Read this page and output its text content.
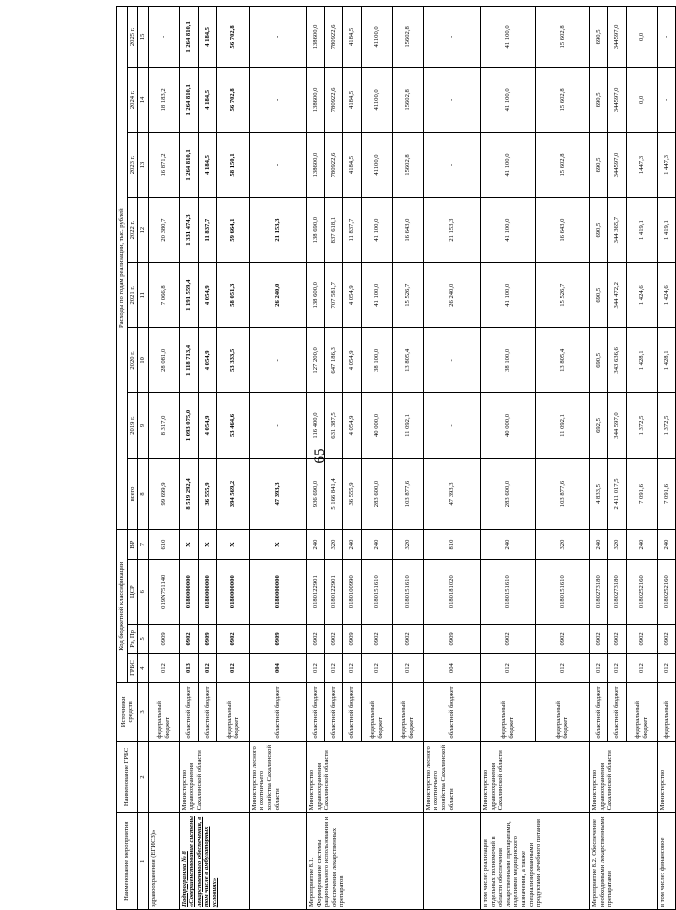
65
Наименование мероприятия	Наименование ГРБС	Источники средств	Код бюджетной классификации				Расходы по годам реализации, тыс. рублей							
			ГРБС	Рз, Пр	ЦСР	ВР	всего	2019 г.	2020 г.	2021 г.	2022 г.	2023 г.	2024 г.	2025 г.
1	2	3	4	5	6	7	8	9	10	11	12	13	14	15
здравоохранения (ЕГИСЗ)»		федеральный бюджет	012	0909	019N751140	610	99 699,9	8 317,0	28 081,0	7 066,8	20 380,7	16 871,2	18 183,2	-
Подпрограмма № 8 «Совершенствование системы лекарственного обеспечения, в том числе в амбулаторных условиях»	Министерство здравоохранения Сахалинской области	областной бюджет	013	0902	0180000000	Х	8 519 292,4	1 093 075,0	1 118 713,4	1 191 559,4	1 331 474,3	1 264 810,1	1 264 810,1	1 264 810,1
		областной бюджет	012	0909	0180000000	Х	36 555,9	4 054,9	4 054,9	4 054,9	11 837,7	4 184,5	4 184,5	4 184,5
		федеральный бюджет	012	0902	0180000000	Х	394 569,2	53 464,6	53 333,5	58 051,3	59 664,1	58 150,1	56 702,8	56 702,8
	Министерство лесного и охотничьего хозяйства Сахалинской области	областной бюджет	004	0909	0180000000	Х	47 393,3	-	-	26 240,0	21 153,3	-	-	-
Мероприятие 8.1. Формирование системы рационального использования и обеспечения лекарственных препаратов	Министерство здравоохранения Сахалинской области	областной бюджет	012	0902	0180122901	240	936 690,0	116 400,0	127 200,0	138 600,0	138 690,0	138600,0	138600,0	138600,0
		областной бюджет	012	0902	0180122901	320	5 166 841,4	631 387,5	647 186,3	707 581,7	837 618,1	780922,6	780922,6	780922,6
		областной бюджет	012	0909	0180100990	240	36 555,9	4 054,9	4 054,9	4 054,9	11 837,7	4184,5	4184,5	4184,5
		федеральный бюджет	012	0902	0180151610	240	283 600,0	40 000,0	38 100,0	41 100,0	41 100,0	41100,0	41100,0	41100,0
		федеральный бюджет	012	0902	0180151610	320	103 877,6	11 092,1	13 805,4	15 526,7	16 643,0	15602,8	15602,8	15602,8
	Министерство лесного и охотничьего хозяйства Сахалинской области	областной бюджет	004	0909	0180181020	810	47 393,3	-	-	26 240,0	21 153,3	-	-	-
в том числе: реализация отдельных полномочий в области обеспечения лекарственными препаратами, изделиями медицинского назначения, а также специализированными продуктами лечебного питания	Министерство здравоохранения Сахалинской области	федеральный бюджет	012	0902	0180151610	240	283 600,0	40 000,0	38 100,0	41 100,0	41 100,0	41 100,0	41 100,0	41 100,0
		федеральный бюджет	012	0902	0180151610	320	103 877,6	11 092,1	13 805,4	15 526,7	16 643,0	15 602,8	15 602,8	15 602,8
Мероприятие 8.2. Обеспечение необходимыми лекарственными препаратами	Министерство здравоохранения Сахалинской области	областной бюджет	012	0902	0180273180	240	4 833,5	692,5	690,5	690,5	690,5	690,5	690,5	690,5
		областной бюджет	012	0902	0180273180	320	2 411 017,5	344 597,0	343 636,6	344 472,2	344 365,7	344597,0	344597,0	344597,0
		федеральный бюджет	012	0902	0180252160	240	7 091,6	1 372,5	1 428,1	1 424,6	1 419,1	1447,3	0,0	0,0
в том числе: финансовое	Министерство	федеральный	012	0902	0180252160	240	7 091,6	1 372,5	1 428,1	1 424,6	1 419,1	1 447,3	-	-
